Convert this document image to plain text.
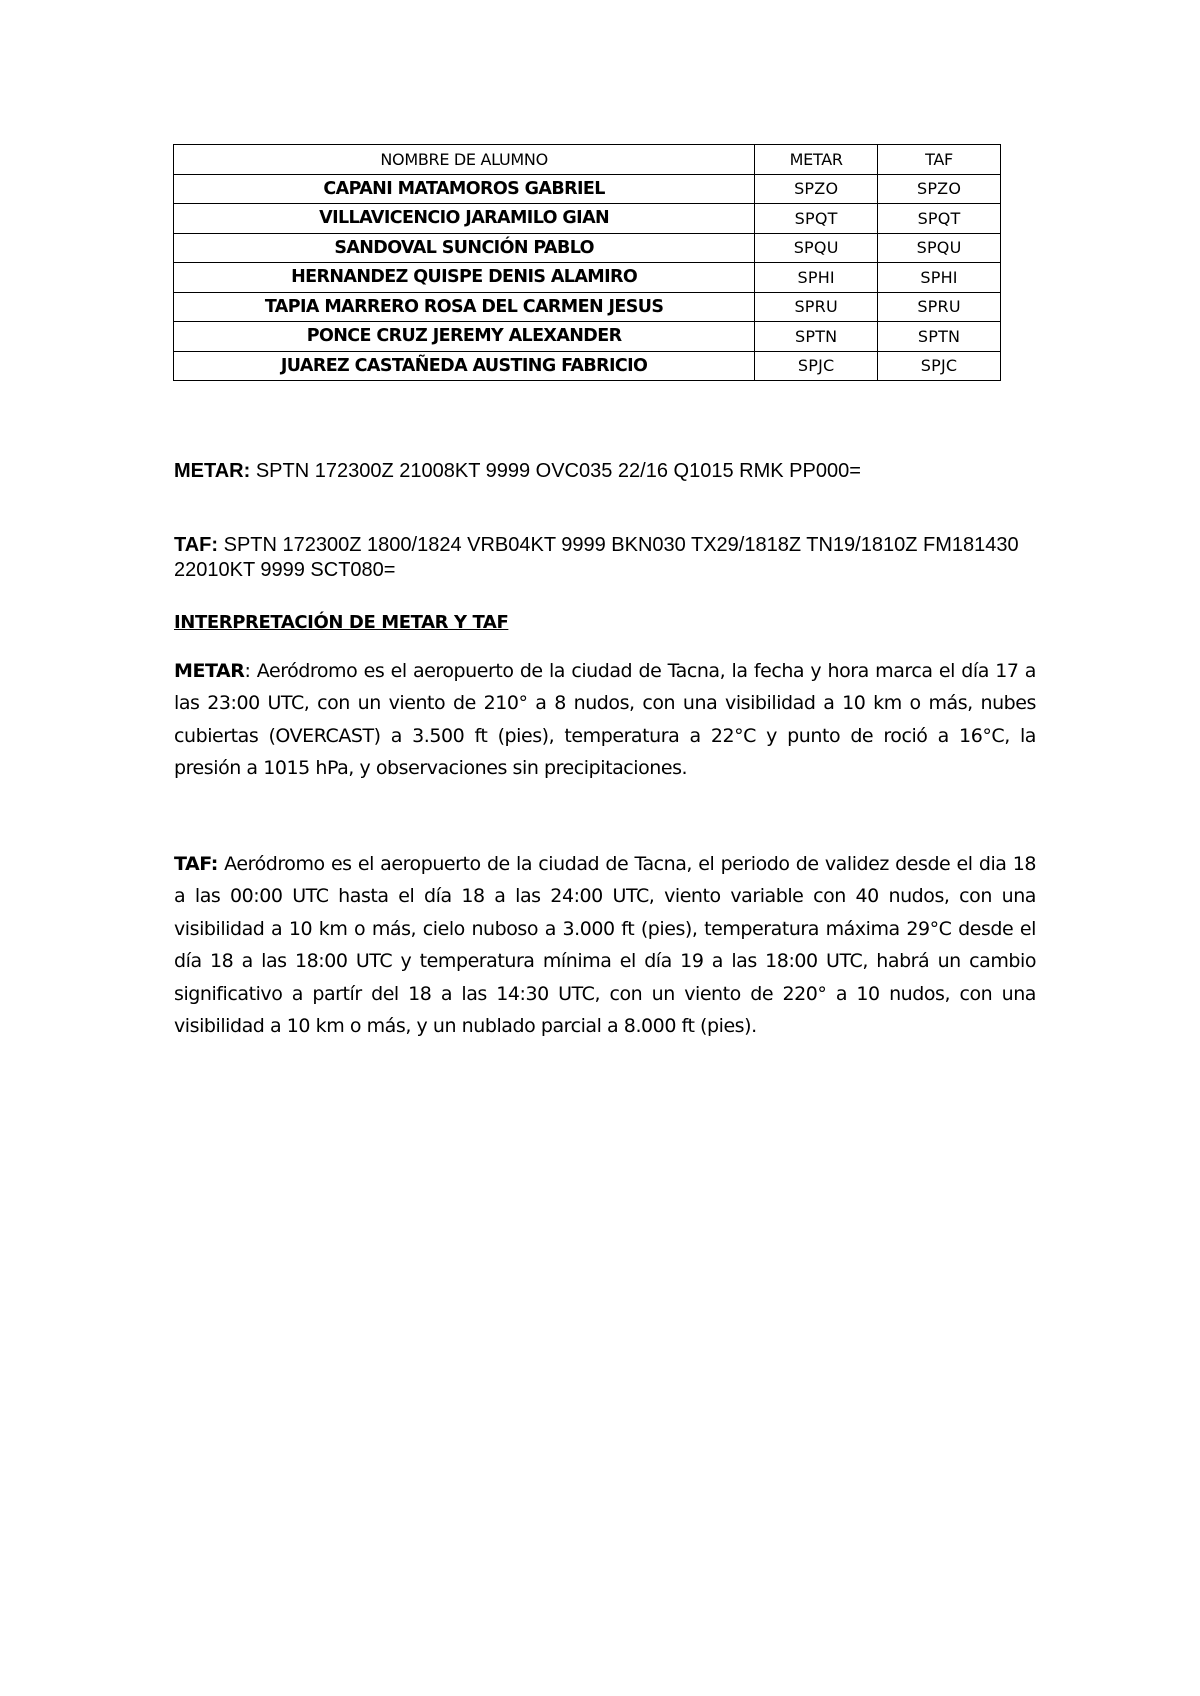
NOMBRE DE ALUMNO	METAR	TAF
CAPANI MATAMOROS GABRIEL	SPZO	SPZO
VILLAVICENCIO JARAMILO GIAN	SPQT	SPQT
SANDOVAL SUNCIÓN PABLO	SPQU	SPQU
HERNANDEZ QUISPE DENIS ALAMIRO	SPHI	SPHI
TAPIA MARRERO ROSA DEL CARMEN JESUS	SPRU	SPRU
PONCE CRUZ JEREMY ALEXANDER	SPTN	SPTN
JUAREZ CASTAÑEDA AUSTING FABRICIO	SPJC	SPJC
METAR: SPTN 172300Z 21008KT 9999 OVC035 22/16 Q1015 RMK PP000=
TAF: SPTN 172300Z 1800/1824 VRB04KT 9999 BKN030 TX29/1818Z TN19/1810Z FM181430 22010KT 9999 SCT080=
INTERPRETACIÓN DE METAR Y TAF
METAR: Aeródromo es el aeropuerto de la ciudad de Tacna, la fecha y hora marca el día 17 a las 23:00 UTC, con un viento de 210° a 8 nudos, con una visibilidad a 10 km o más, nubes cubiertas (OVERCAST) a 3.500 ft (pies), temperatura a 22°C y punto de roció a 16°C, la presión a 1015 hPa, y observaciones sin precipitaciones.
TAF: Aeródromo es el aeropuerto de la ciudad de Tacna, el periodo de validez desde el dia 18 a las 00:00 UTC hasta el día 18 a las 24:00 UTC, viento variable con 40 nudos, con una visibilidad a 10 km o más, cielo nuboso a 3.000 ft (pies), temperatura máxima 29°C desde el día 18 a las 18:00 UTC y temperatura mínima el día 19 a las 18:00 UTC, habrá un cambio significativo a partír del 18 a las 14:30 UTC, con un viento de 220° a 10 nudos, con una visibilidad a 10 km o más, y un nublado parcial a 8.000 ft (pies).
